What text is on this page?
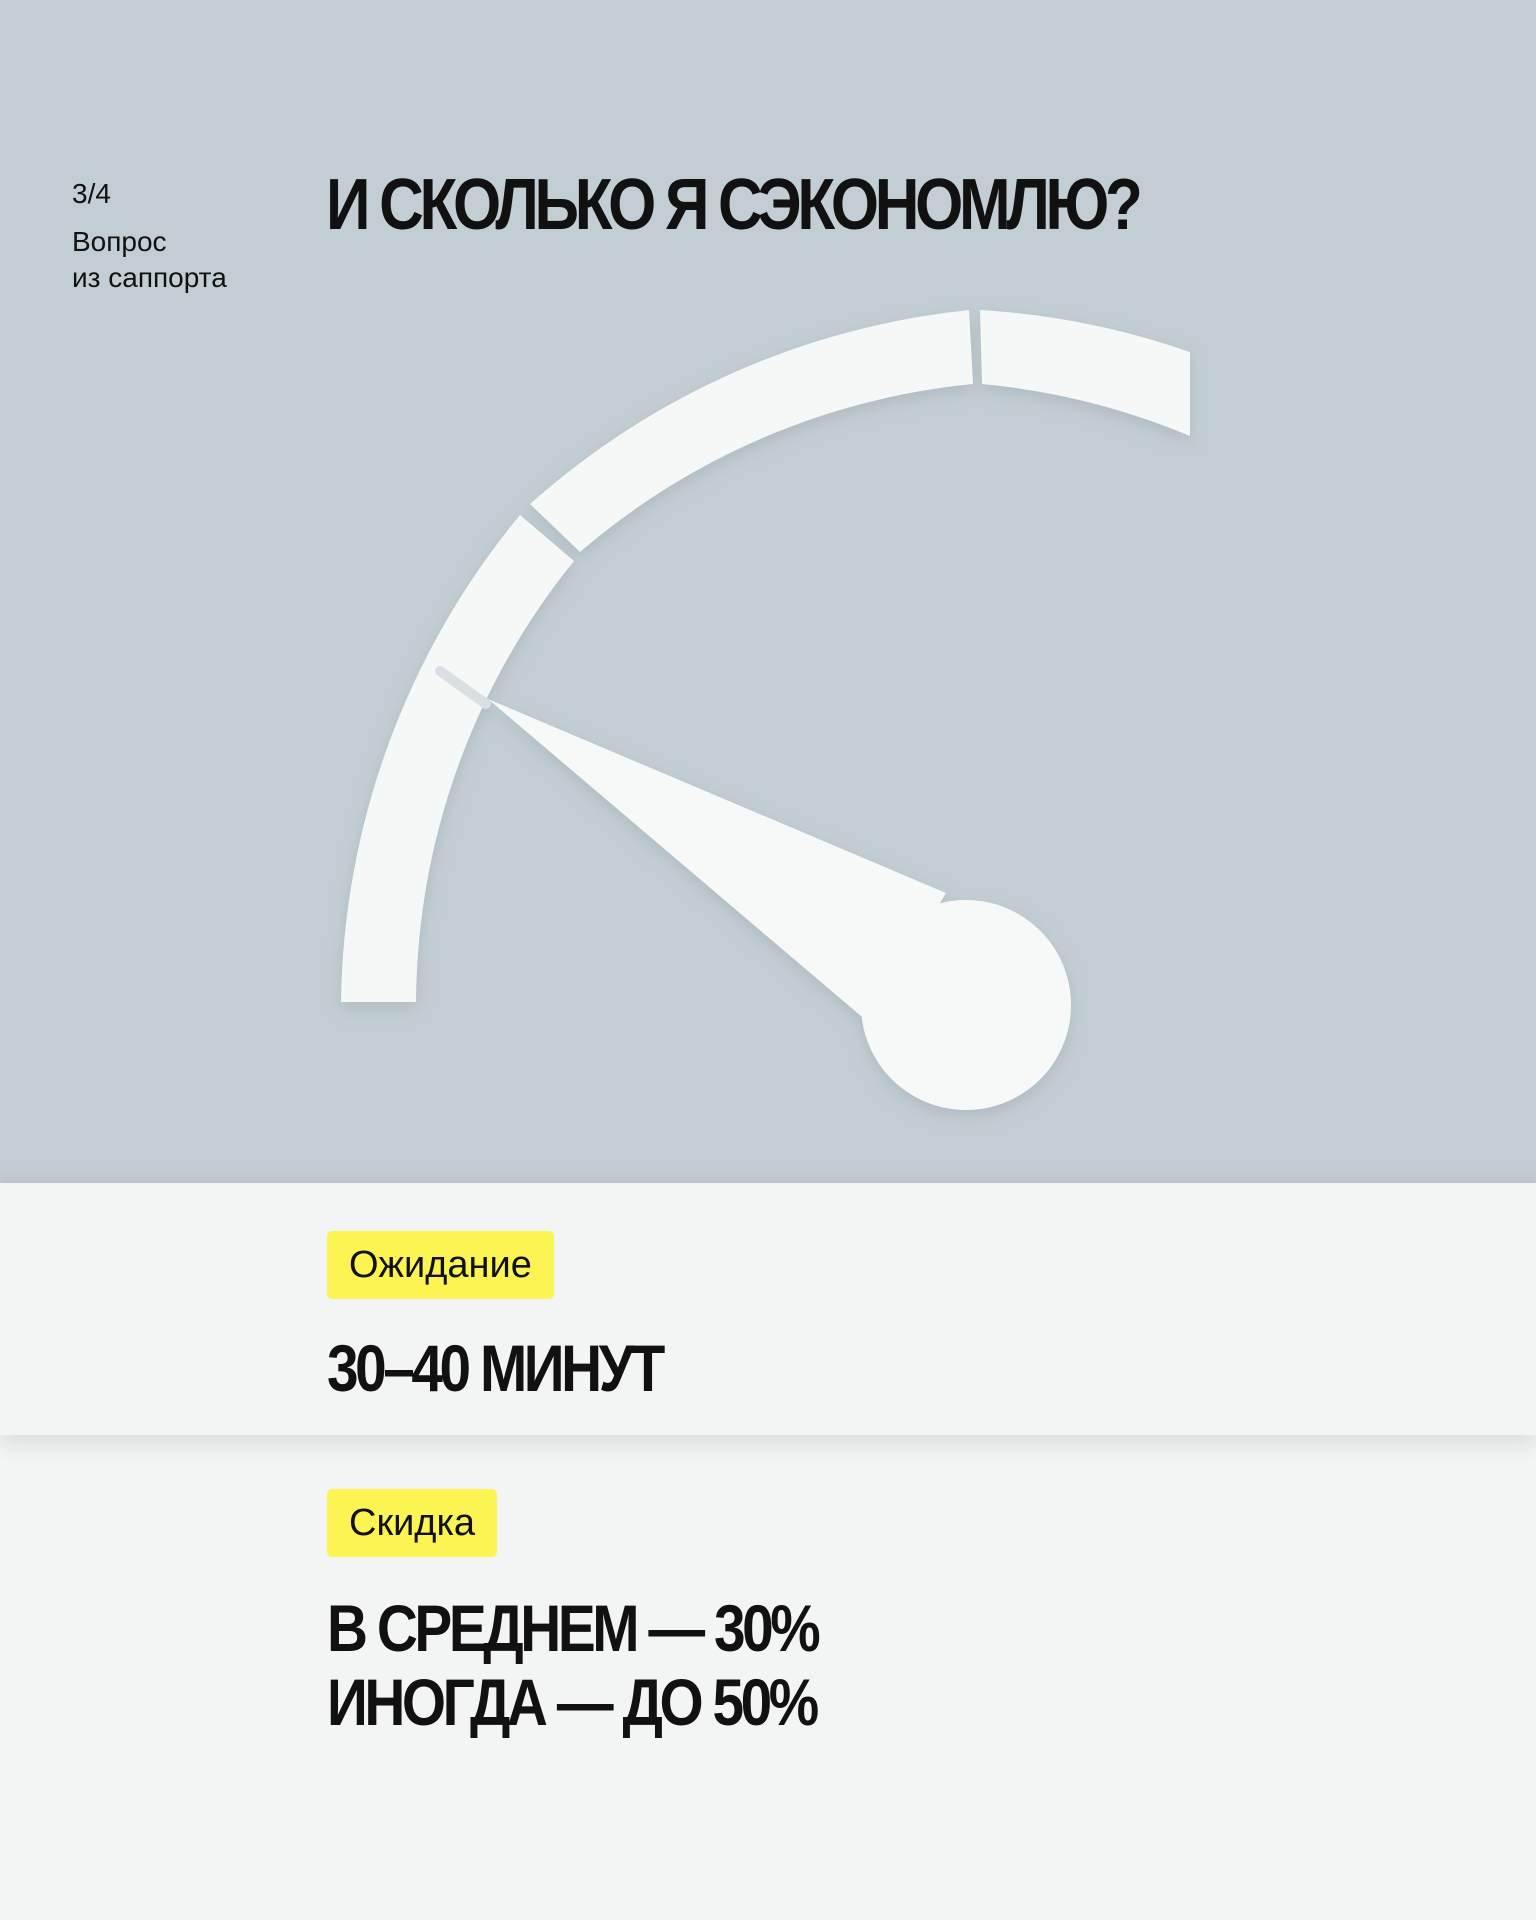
3/4
Вопрос
из саппорта
И СКОЛЬКО Я СЭКОНОМЛЮ?
Ожидание

30–40 МИНУТ

Скидка
В СРЕДНЕМ — 30%
ИНОГДА — ДО 50%
